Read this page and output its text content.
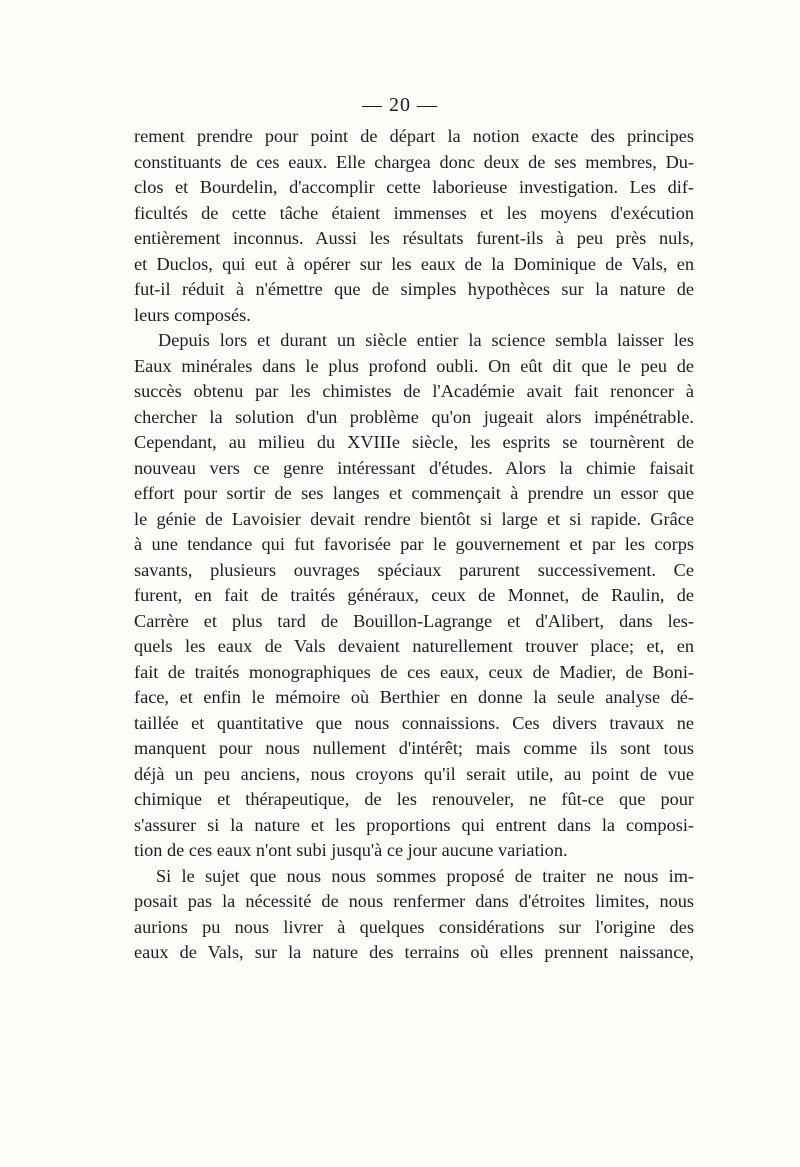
— 20 —
rement prendre pour point de départ la notion exacte des principes
constituants de ces eaux. Elle chargea donc deux de ses membres, Du-
clos et Bourdelin, d'accomplir cette laborieuse investigation. Les dif-
ficultés de cette tâche étaient immenses et les moyens d'exécution
entièrement inconnus. Aussi les résultats furent-ils à peu près nuls,
et Duclos, qui eut à opérer sur les eaux de la Dominique de Vals, en
fut-il réduit à n'émettre que de simples hypothèces sur la nature de
leurs composés.
Depuis lors et durant un siècle entier la science sembla laisser les
Eaux minérales dans le plus profond oubli. On eût dit que le peu de
succès obtenu par les chimistes de l'Académie avait fait renoncer à
chercher la solution d'un problème qu'on jugeait alors impénétrable.
Cependant, au milieu du XVIIIe siècle, les esprits se tournèrent de
nouveau vers ce genre intéressant d'études. Alors la chimie faisait
effort pour sortir de ses langes et commençait à prendre un essor que
le génie de Lavoisier devait rendre bientôt si large et si rapide. Grâce
à une tendance qui fut favorisée par le gouvernement et par les corps
savants, plusieurs ouvrages spéciaux parurent successivement. Ce
furent, en fait de traités généraux, ceux de Monnet, de Raulin, de
Carrère et plus tard de Bouillon-Lagrange et d'Alibert, dans les-
quels les eaux de Vals devaient naturellement trouver place; et, en
fait de traités monographiques de ces eaux, ceux de Madier, de Boni-
face, et enfin le mémoire où Berthier en donne la seule analyse dé-
taillée et quantitative que nous connaissions. Ces divers travaux ne
manquent pour nous nullement d'intérêt; mais comme ils sont tous
déjà un peu anciens, nous croyons qu'il serait utile, au point de vue
chimique et thérapeutique, de les renouveler, ne fût-ce que pour
s'assurer si la nature et les proportions qui entrent dans la composi-
tion de ces eaux n'ont subi jusqu'à ce jour aucune variation.
Si le sujet que nous nous sommes proposé de traiter ne nous im-
posait pas la nécessité de nous renfermer dans d'étroites limites, nous
aurions pu nous livrer à quelques considérations sur l'origine des
eaux de Vals, sur la nature des terrains où elles prennent naissance,
